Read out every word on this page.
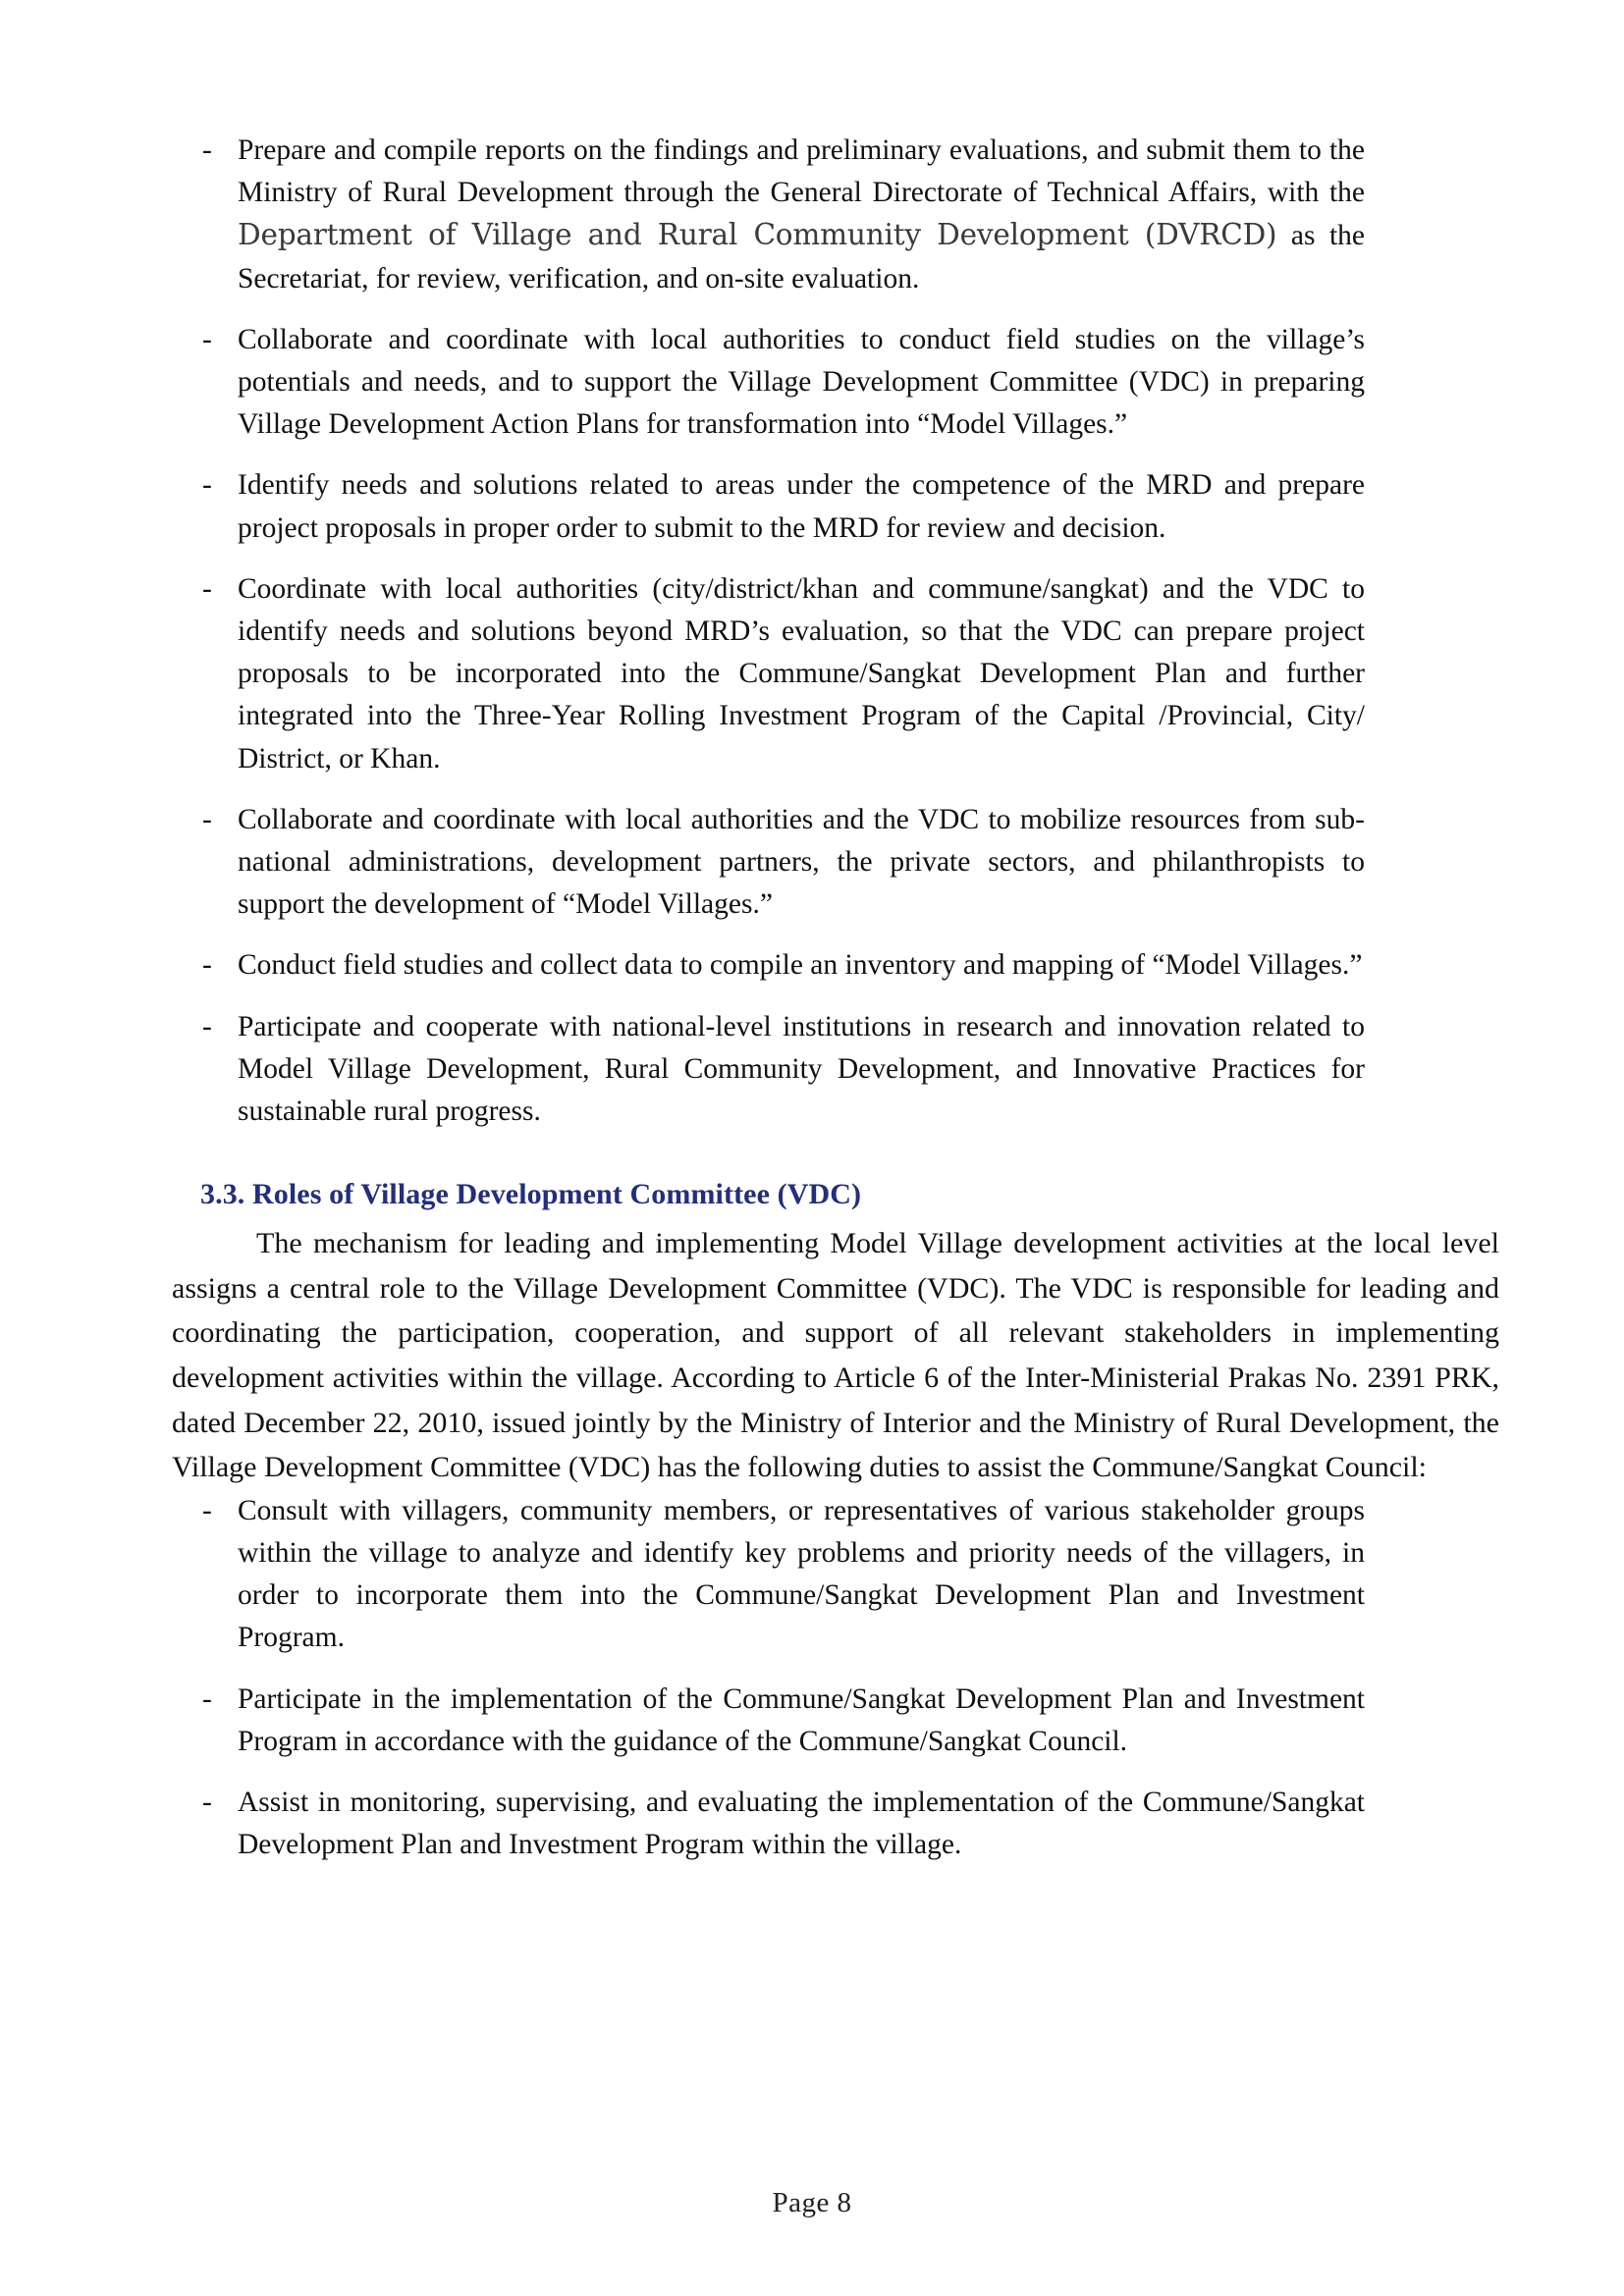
- Prepare and compile reports on the findings and preliminary evaluations, and submit them to the Ministry of Rural Development through the General Directorate of Technical Affairs, with the Department of Village and Rural Community Development (DVRCD) as the Secretariat, for review, verification, and on-site evaluation.
- Collaborate and coordinate with local authorities to conduct field studies on the village’s potentials and needs, and to support the Village Development Committee (VDC) in preparing Village Development Action Plans for transformation into “Model Villages.”
- Identify needs and solutions related to areas under the competence of the MRD and prepare project proposals in proper order to submit to the MRD for review and decision.
- Coordinate with local authorities (city/district/khan and commune/sangkat) and the VDC to identify needs and solutions beyond MRD’s evaluation, so that the VDC can prepare project proposals to be incorporated into the Commune/Sangkat Development Plan and further integrated into the Three-Year Rolling Investment Program of the Capital /Provincial, City/ District, or Khan.
- Collaborate and coordinate with local authorities and the VDC to mobilize resources from sub-national administrations, development partners, the private sectors, and philanthropists to support the development of “Model Villages.”
- Conduct field studies and collect data to compile an inventory and mapping of “Model Villages.”
- Participate and cooperate with national-level institutions in research and innovation related to Model Village Development, Rural Community Development, and Innovative Practices for sustainable rural progress.
3.3. Roles of Village Development Committee (VDC)

The mechanism for leading and implementing Model Village development activities at the local level assigns a central role to the Village Development Committee (VDC). The VDC is responsible for leading and coordinating the participation, cooperation, and support of all relevant stakeholders in implementing development activities within the village. According to Article 6 of the Inter-Ministerial Prakas No. 2391 PRK, dated December 22, 2010, issued jointly by the Ministry of Interior and the Ministry of Rural Development, the Village Development Committee (VDC) has the following duties to assist the Commune/Sangkat Council:

- Consult with villagers, community members, or representatives of various stakeholder groups within the village to analyze and identify key problems and priority needs of the villagers, in order to incorporate them into the Commune/Sangkat Development Plan and Investment Program.
- Participate in the implementation of the Commune/Sangkat Development Plan and Investment Program in accordance with the guidance of the Commune/Sangkat Council.
- Assist in monitoring, supervising, and evaluating the implementation of the Commune/Sangkat Development Plan and Investment Program within the village.
Page 8
